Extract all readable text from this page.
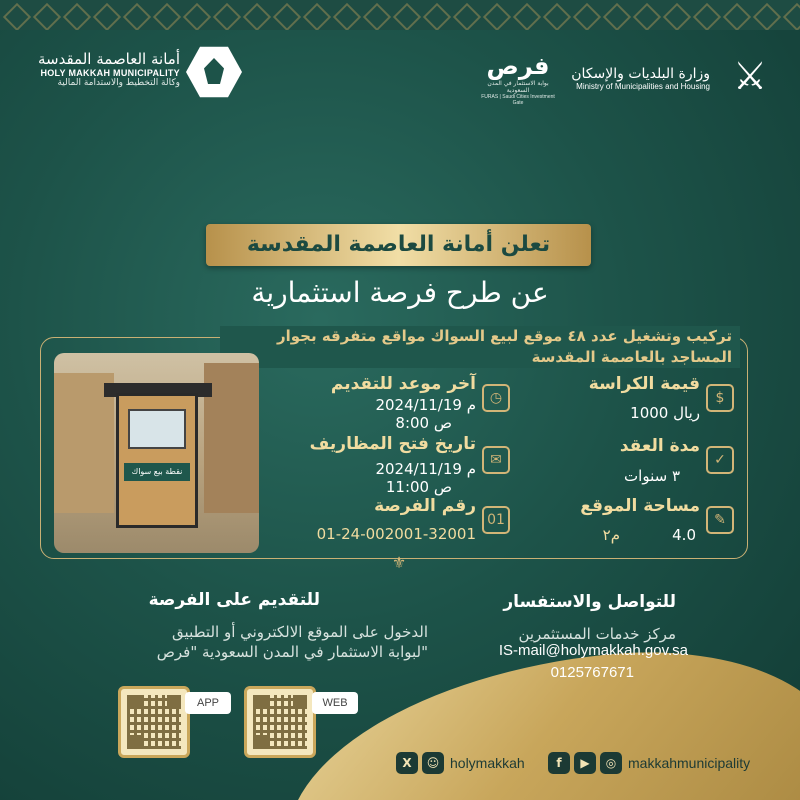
أمانة العاصمة المقدسة
HOLY MAKKAH MUNICIPALITY
وكالة التخطيط والاستدامة المالية
فرص
بوابة الاستثمار في المدن السعودية
FURAS | Saudi Cities Investment Gate
وزارة البلديات والإسكان
Ministry of Municipalities and Housing ⚔
تعلن أمانة العاصمة المقدسة
عن طرح فرصة استثمارية
تركيب وتشغيل عدد ٤٨ موقع لبيع السواك مواقع متفرقه بجوار المساجد بالعاصمة المقدسة
نقطة بيع سواك
◷
آخر موعد للتقديم
2024/11/19 م
8:00 ص
✉
تاريخ فتح المظاريف
2024/11/19 م
11:00 ص
01
رقم الفرصة
01-24-002001-32001
$
قيمة الكراسة
1000 ريال
✓
مدة العقد
٣ سنوات
✎
مساحة الموقع
4.0
م٢
⚜
للتقديم على الفرصة
الدخول على الموقع الالكتروني أو التطبيق
لبوابة الاستثمار في المدن السعودية "فرص"
للتواصل والاستفسار
مركز خدمات المستثمرين
IS-mail@holymakkah.gov.sa
0125767671
APP	WEB
X	☺ holymakkah	f	▶	◎ makkahmunicipality
